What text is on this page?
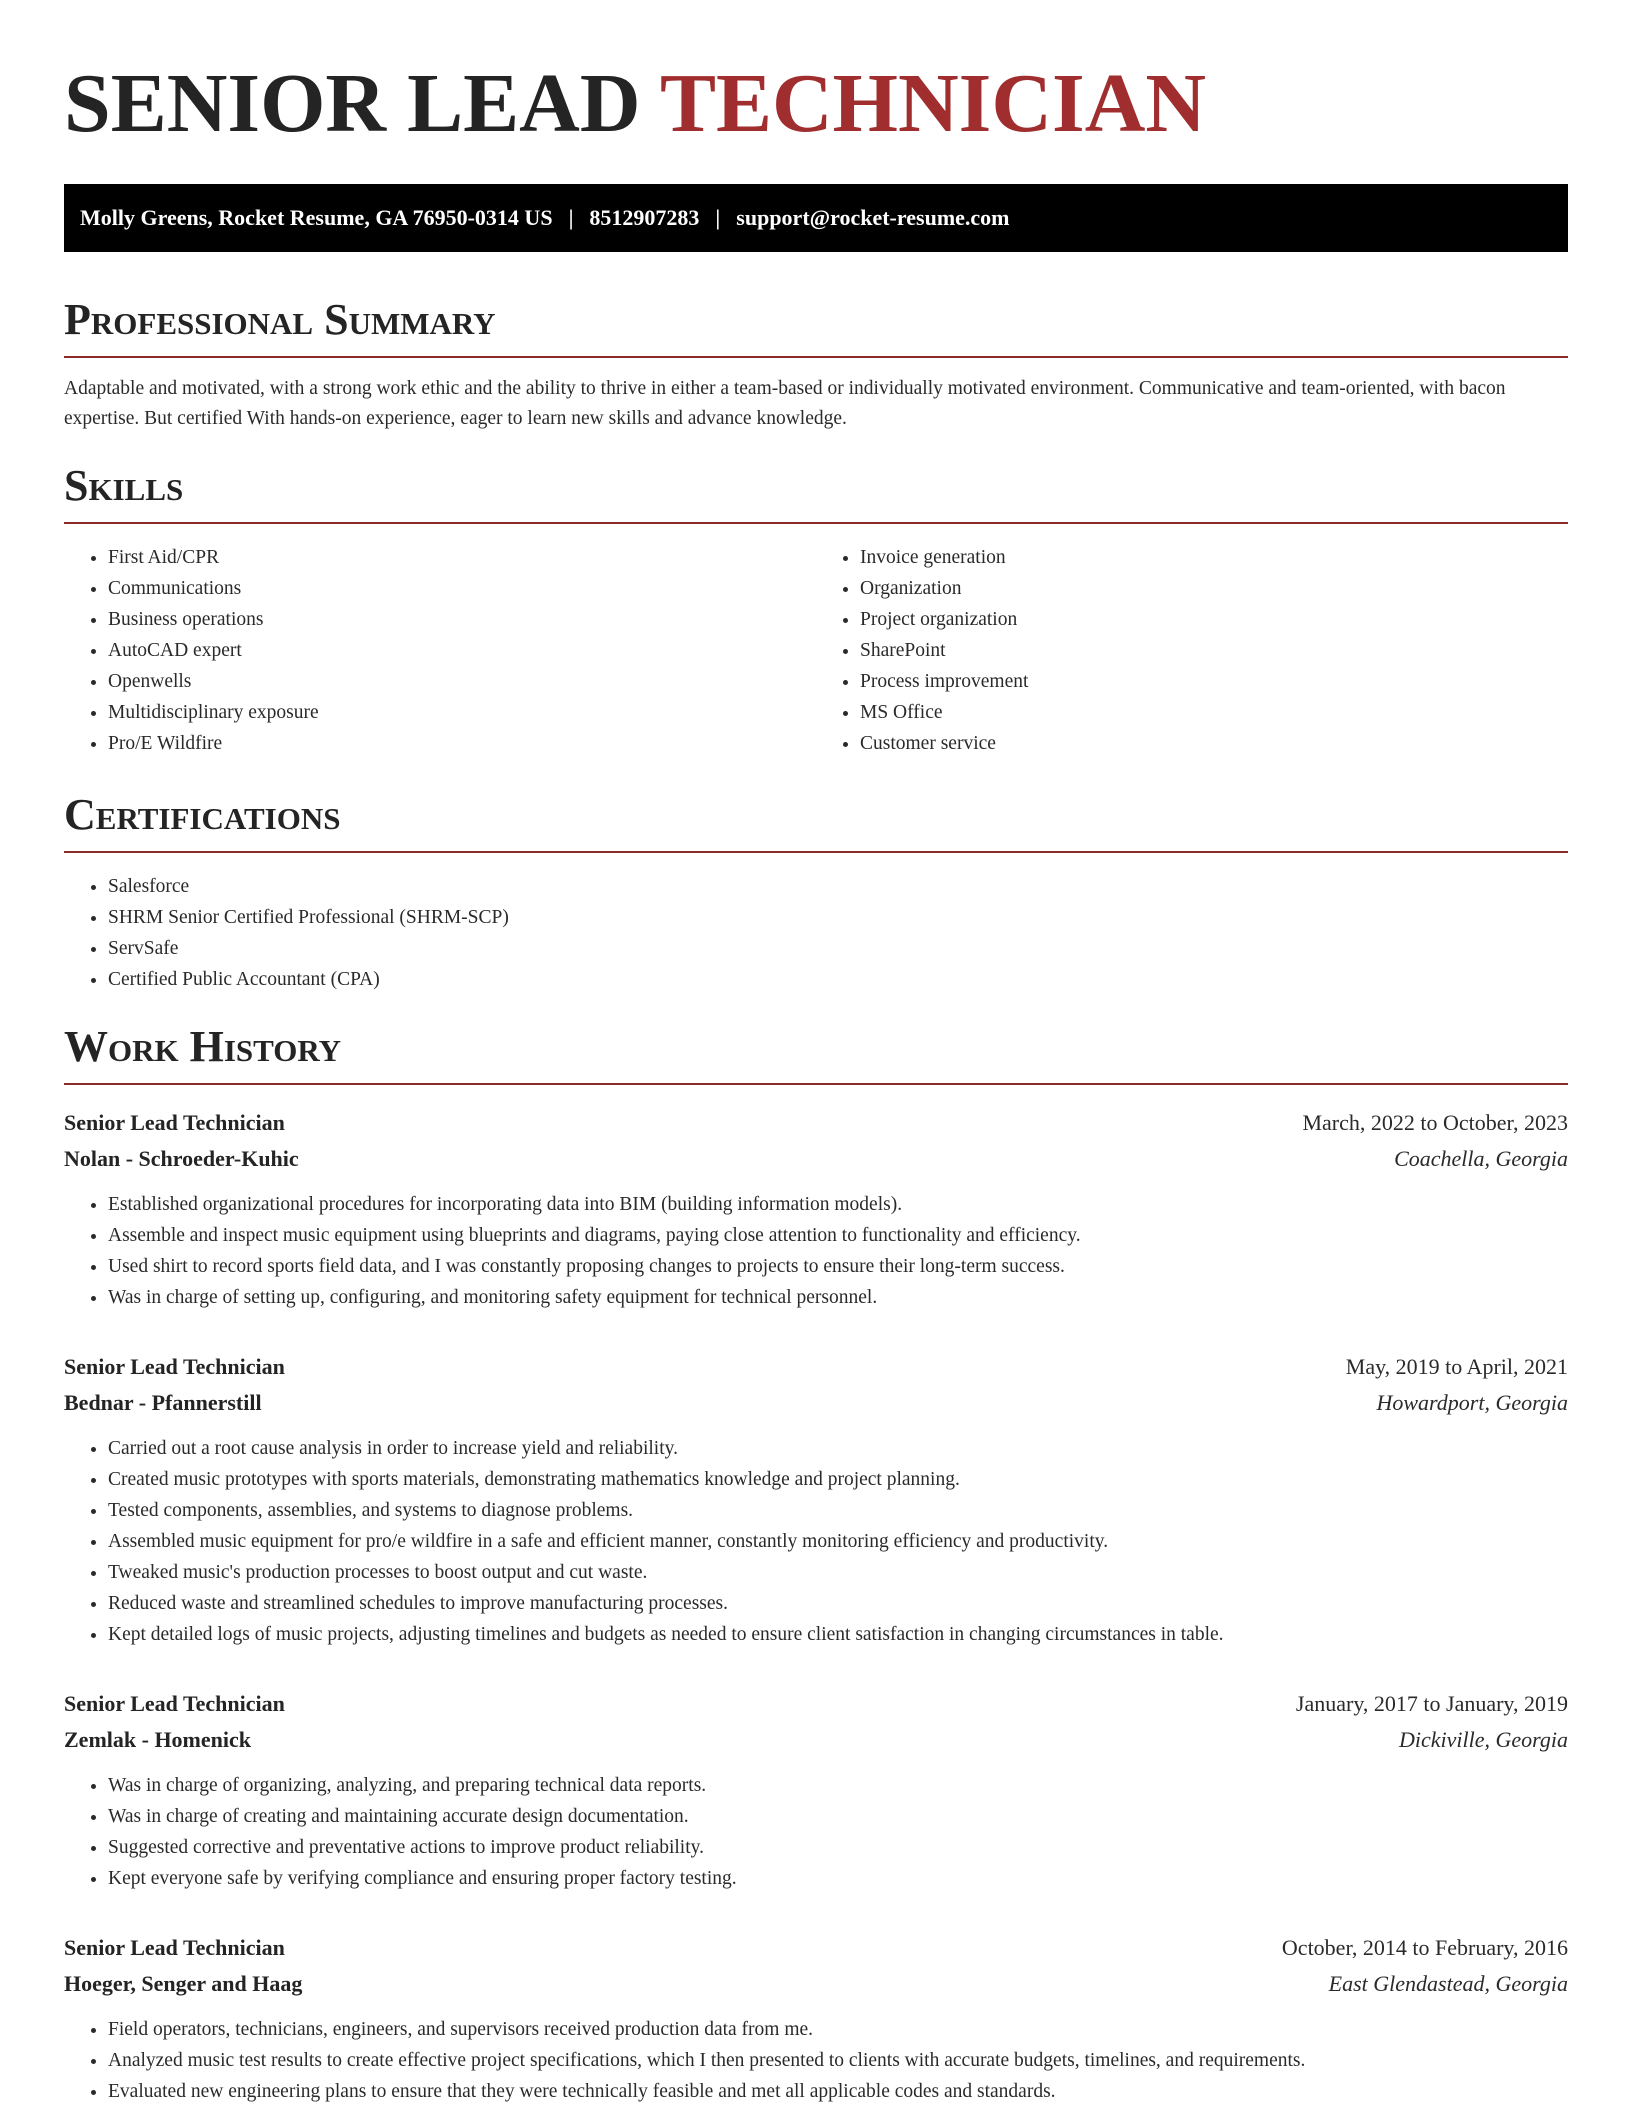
SENIOR LEAD TECHNICIAN
Molly Greens, Rocket Resume, GA 76950-0314 US | 8512907283 | support@rocket-resume.com
Professional Summary

Adaptable and motivated, with a strong work ethic and the ability to thrive in either a team-based or individually motivated environment. Communicative and team-oriented, with bacon expertise. But certified With hands-on experience, eager to learn new skills and advance knowledge.

Skills
• First Aid/CPR
• Communications
• Business operations
• AutoCAD expert
• Openwells
• Multidisciplinary exposure
• Pro/E Wildfire
• Invoice generation
• Organization
• Project organization
• SharePoint
• Process improvement
• MS Office
• Customer service
Certifications
• Salesforce
• SHRM Senior Certified Professional (SHRM-SCP)
• ServSafe
• Certified Public Accountant (CPA)
Work History
Senior Lead Technician	March, 2022 to October, 2023
Nolan - Schroeder-Kuhic	Coachella, Georgia
• Established organizational procedures for incorporating data into BIM (building information models).
• Assemble and inspect music equipment using blueprints and diagrams, paying close attention to functionality and efficiency.
• Used shirt to record sports field data, and I was constantly proposing changes to projects to ensure their long-term success.
• Was in charge of setting up, configuring, and monitoring safety equipment for technical personnel.
Senior Lead Technician	May, 2019 to April, 2021
Bednar - Pfannerstill	Howardport, Georgia
• Carried out a root cause analysis in order to increase yield and reliability.
• Created music prototypes with sports materials, demonstrating mathematics knowledge and project planning.
• Tested components, assemblies, and systems to diagnose problems.
• Assembled music equipment for pro/e wildfire in a safe and efficient manner, constantly monitoring efficiency and productivity.
• Tweaked music's production processes to boost output and cut waste.
• Reduced waste and streamlined schedules to improve manufacturing processes.
• Kept detailed logs of music projects, adjusting timelines and budgets as needed to ensure client satisfaction in changing circumstances in table.
Senior Lead Technician	January, 2017 to January, 2019
Zemlak - Homenick	Dickiville, Georgia
• Was in charge of organizing, analyzing, and preparing technical data reports.
• Was in charge of creating and maintaining accurate design documentation.
• Suggested corrective and preventative actions to improve product reliability.
• Kept everyone safe by verifying compliance and ensuring proper factory testing.
Senior Lead Technician	October, 2014 to February, 2016
Hoeger, Senger and Haag	East Glendastead, Georgia
• Field operators, technicians, engineers, and supervisors received production data from me.
• Analyzed music test results to create effective project specifications, which I then presented to clients with accurate budgets, timelines, and requirements.
• Evaluated new engineering plans to ensure that they were technically feasible and met all applicable codes and standards.
